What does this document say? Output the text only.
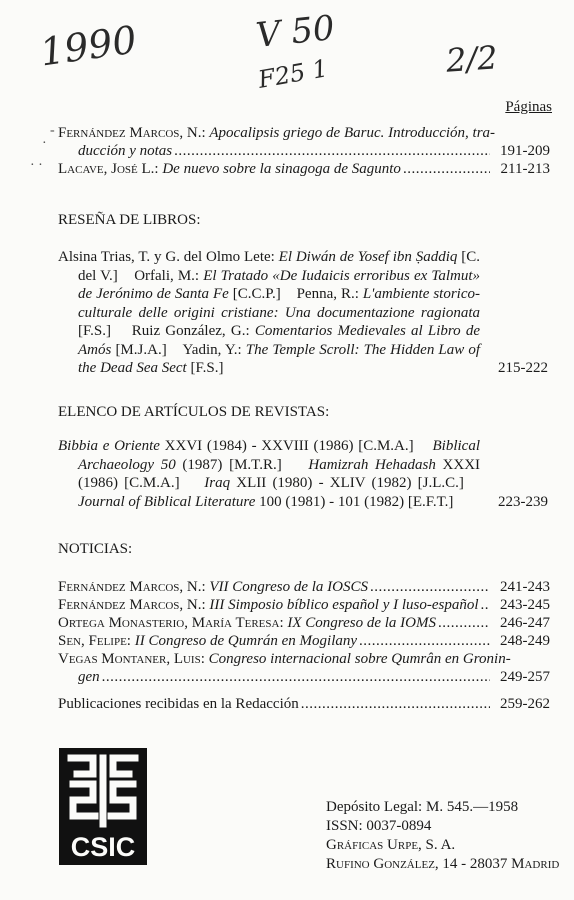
1990	V 50
F25 1	2/2
Páginas
-
·
· ·
Fernández Marcos, N.: Apocalipsis griego de Baruc. Introducción, tra-
ducción y notas .....	191-209
Lacave, José L.:
De nuevo sobre la sinagoga de Sagunto .....	211-213
RESEÑA DE LIBROS:
Alsina Trias, T. y G. del Olmo Lete: El Diwán de Yosef ibn Ṣaddiq [C. del V.] Orfali, M.: El Tratado «De Iudaicis erroribus ex Talmut» de Jerónimo de Santa Fe [C.C.P.] Penna, R.: L'ambiente storico-culturale delle origini cristiane: Una documentazione ragionata [F.S.] Ruiz González, G.: Comentarios Medievales al Libro de Amós [M.J.A.] Yadin, Y.: The Temple Scroll: The Hidden Law of the Dead Sea Sect [F.S.]	215-222
ELENCO DE ARTÍCULOS DE REVISTAS:
Bibbia e Oriente XXVI (1984) - XXVIII (1986) [C.M.A.] Biblical Archaeology 50 (1987) [M.T.R.] Hamizrah Hehadash XXXI (1986) [C.M.A.] Iraq XLII (1980) - XLIV (1982) [J.L.C.]    Journal of Biblical Literature 100 (1981) - 101 (1982) [E.F.T.]	223-239
NOTICIAS:
Fernández Marcos, N.:
VII Congreso de la IOSCS .....	241-243
Fernández Marcos, N.:
III Simposio bíblico español y I luso-español .....	243-245
Ortega Monasterio, María Teresa:
IX Congreso de la IOMS .....	246-247
Sen, Felipe:
II Congreso de Qumrán en Mogilany .....	248-249
Vegas Montaner, Luis: Congreso internacional sobre Qumrân en Gronin-
gen .....	249-257
Publicaciones recibidas en la Redacción .....	259-262
CSIC
Depósito Legal: M. 545.—1958
ISSN: 0037-0894
Gráficas Urpe, S. A.
Rufino González, 14 - 28037 Madrid
